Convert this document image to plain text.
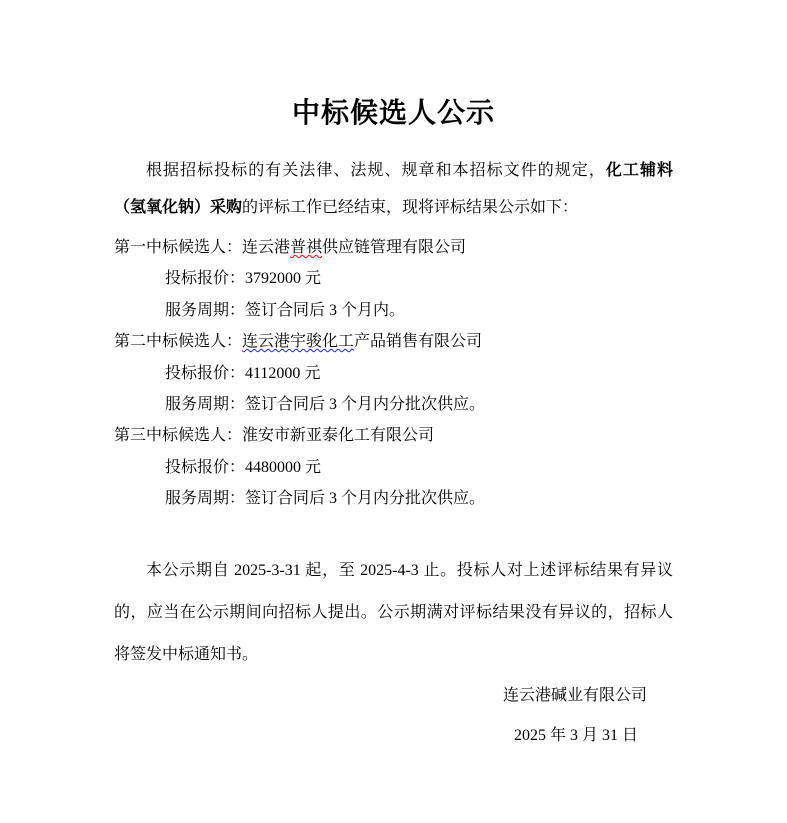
中标候选人公示

根据招标投标的有关法律、法规、规章和本招标文件的规定，化工辅料（氢氧化钠）采购的评标工作已经结束，现将评标结果公示如下：

第一中标候选人：连云港普祺供应链管理有限公司
投标报价：3792000 元
服务周期：签订合同后 3 个月内。
第二中标候选人：连云港宇骏化工产品销售有限公司
投标报价：4112000 元
服务周期：签订合同后 3 个月内分批次供应。
第三中标候选人：淮安市新亚泰化工有限公司
投标报价：4480000 元
服务周期：签订合同后 3 个月内分批次供应。

本公示期自 2025-3-31 起，至 2025-4-3 止。投标人对上述评标结果有异议的，应当在公示期间向招标人提出。公示期满对评标结果没有异议的，招标人将签发中标通知书。

连云港碱业有限公司
2025 年 3 月 31 日
